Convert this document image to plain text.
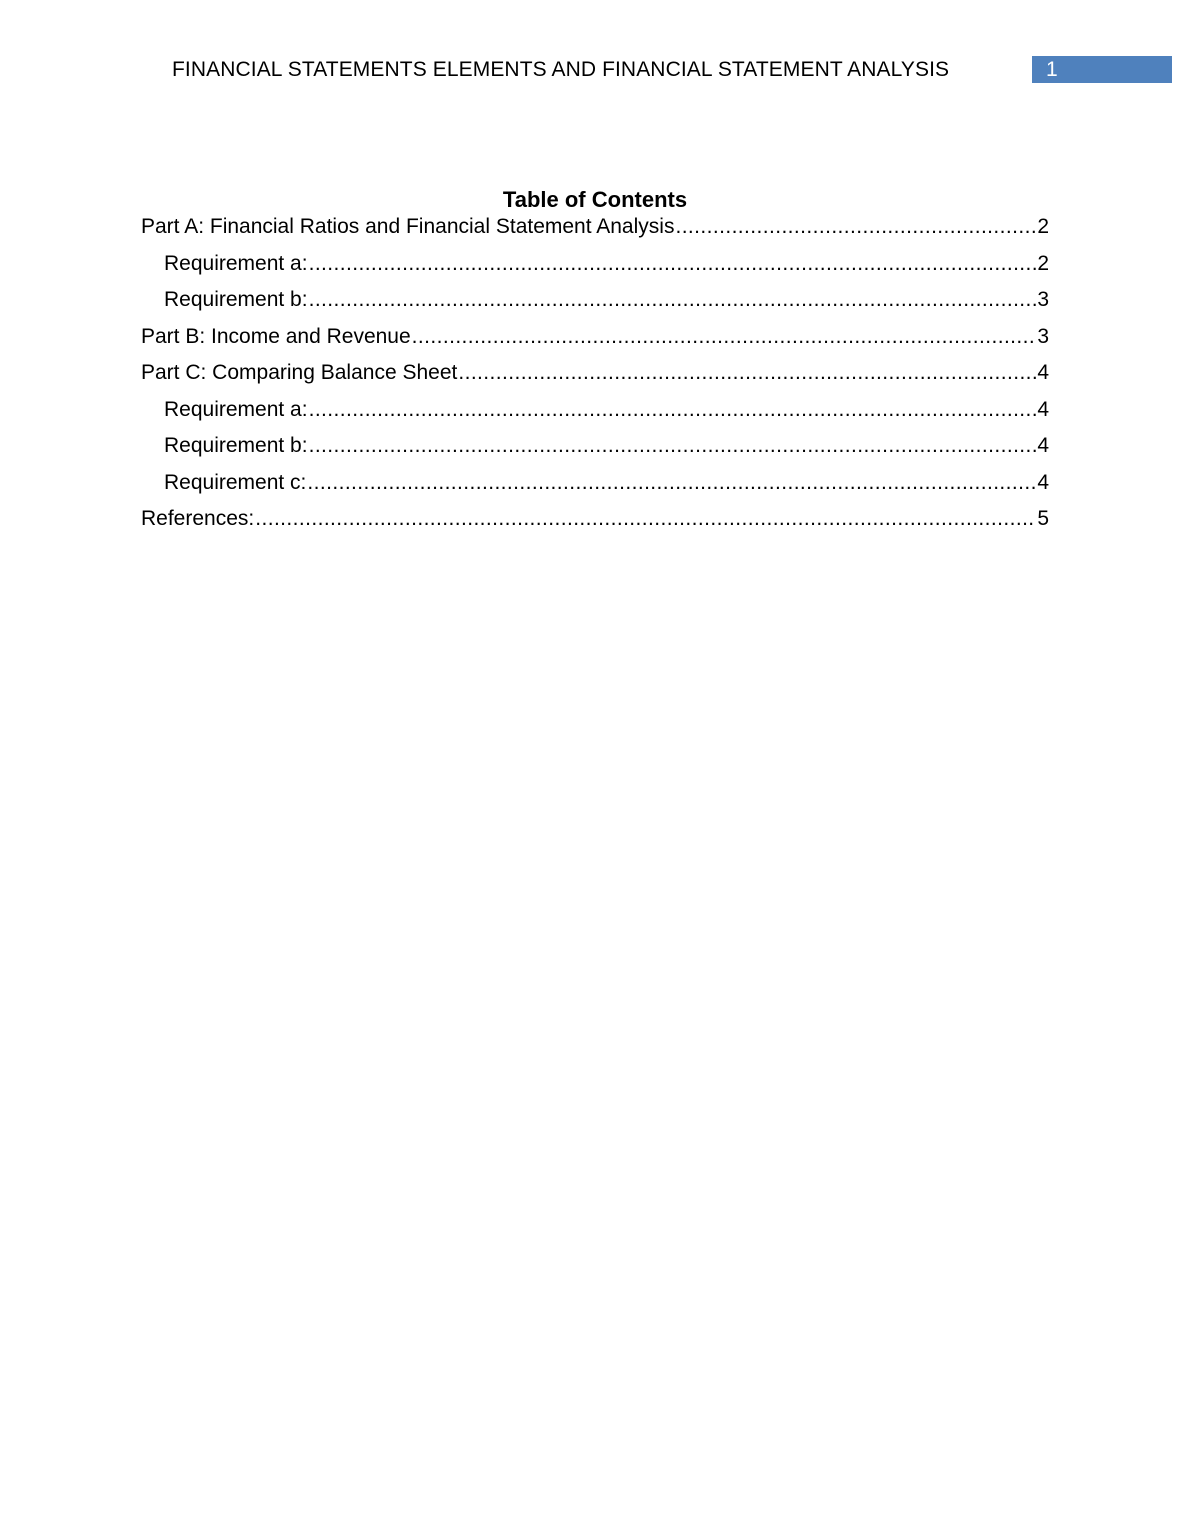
FINANCIAL STATEMENTS ELEMENTS AND FINANCIAL STATEMENT ANALYSIS	1
Table of Contents
Part A: Financial Ratios and Financial Statement Analysis .....	2
Requirement a: .....	2
Requirement b: .....	3
Part B: Income and Revenue .....	3
Part C: Comparing Balance Sheet .....	4
Requirement a: .....	4
Requirement b: .....	4
Requirement c: .....	4
References: .....	5
